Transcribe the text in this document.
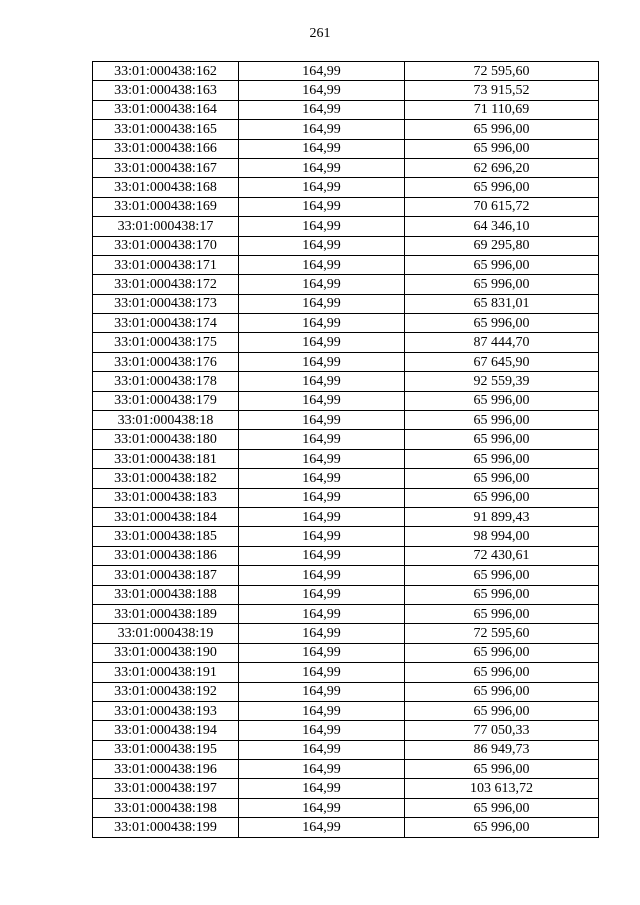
261
33:01:000438:162	164,99	72 595,60
33:01:000438:163	164,99	73 915,52
33:01:000438:164	164,99	71 110,69
33:01:000438:165	164,99	65 996,00
33:01:000438:166	164,99	65 996,00
33:01:000438:167	164,99	62 696,20
33:01:000438:168	164,99	65 996,00
33:01:000438:169	164,99	70 615,72
33:01:000438:17	164,99	64 346,10
33:01:000438:170	164,99	69 295,80
33:01:000438:171	164,99	65 996,00
33:01:000438:172	164,99	65 996,00
33:01:000438:173	164,99	65 831,01
33:01:000438:174	164,99	65 996,00
33:01:000438:175	164,99	87 444,70
33:01:000438:176	164,99	67 645,90
33:01:000438:178	164,99	92 559,39
33:01:000438:179	164,99	65 996,00
33:01:000438:18	164,99	65 996,00
33:01:000438:180	164,99	65 996,00
33:01:000438:181	164,99	65 996,00
33:01:000438:182	164,99	65 996,00
33:01:000438:183	164,99	65 996,00
33:01:000438:184	164,99	91 899,43
33:01:000438:185	164,99	98 994,00
33:01:000438:186	164,99	72 430,61
33:01:000438:187	164,99	65 996,00
33:01:000438:188	164,99	65 996,00
33:01:000438:189	164,99	65 996,00
33:01:000438:19	164,99	72 595,60
33:01:000438:190	164,99	65 996,00
33:01:000438:191	164,99	65 996,00
33:01:000438:192	164,99	65 996,00
33:01:000438:193	164,99	65 996,00
33:01:000438:194	164,99	77 050,33
33:01:000438:195	164,99	86 949,73
33:01:000438:196	164,99	65 996,00
33:01:000438:197	164,99	103 613,72
33:01:000438:198	164,99	65 996,00
33:01:000438:199	164,99	65 996,00
